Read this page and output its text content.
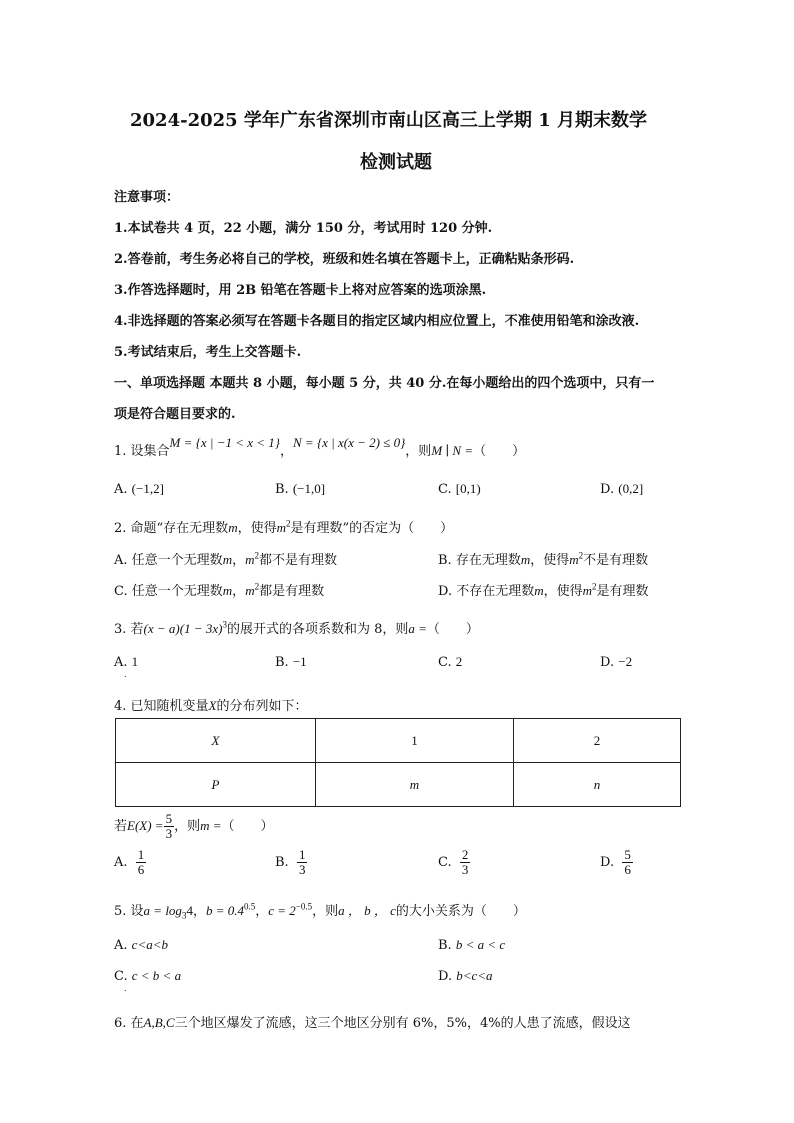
2024-2025 学年广东省深圳市南山区高三上学期 1 月期末数学
检测试题
注意事项：
1.本试卷共 4 页，22 小题，满分 150 分，考试用时 120 分钟.
2.答卷前，考生务必将自己的学校，班级和姓名填在答题卡上，正确粘贴条形码.
3.作答选择题时，用 2B 铅笔在答题卡上将对应答案的选项涂黑.
4.非选择题的答案必须写在答题卡各题目的指定区域内相应位置上，不准使用铅笔和涂改液.
5.考试结束后，考生上交答题卡.
一、单项选择题 本题共 8 小题，每小题 5 分，共 40 分.在每小题给出的四个选项中，只有一
项是符合题目要求的.
1. 设集合M = {x | −1 < x < 1}，N = {x | x(x − 2) ≤ 0}，则M ∣ N =（　　）
A. (−1,2]	B. (−1,0]	C. [0,1)	D. (0,2]
2. 命题“存在无理数m，使得$m^2$是有理数”的否定为（　　）
A. 任意一个无理数m，$m^2$都不是有理数	B. 存在无理数m，使得$m^2$不是有理数
C. 任意一个无理数m，$m^2$都是有理数	D. 不存在无理数m，使得$m^2$是有理数
3. 若$(x - a)(1 - 3x)^3$的展开式的各项系数和为 8，则a =（　　）
A. 1
.
B. −1	C. 2	D. −2
4. 已知随机变量X的分布列如下：
X	1	2
P	m	n
若$E(X) = \frac{5}{3}$ ，则m =（　　）
A. $\frac{1}{6}$	B. $\frac{1}{3}$	C. $\frac{2}{3}$	D. $\frac{5}{6}$
5. 设$a = \log_34$，$b = 0.4^{0.5}$，$c = 2^{-0.5}$，则a ， b ， c的大小关系为（　　）
A. c<a<b	B. b < a < c
C. c < b < a
.
D. b<c<a
6. 在A,B,C三个地区爆发了流感，这三个地区分别有 6%，5%，4%的人患了流感，假设这
